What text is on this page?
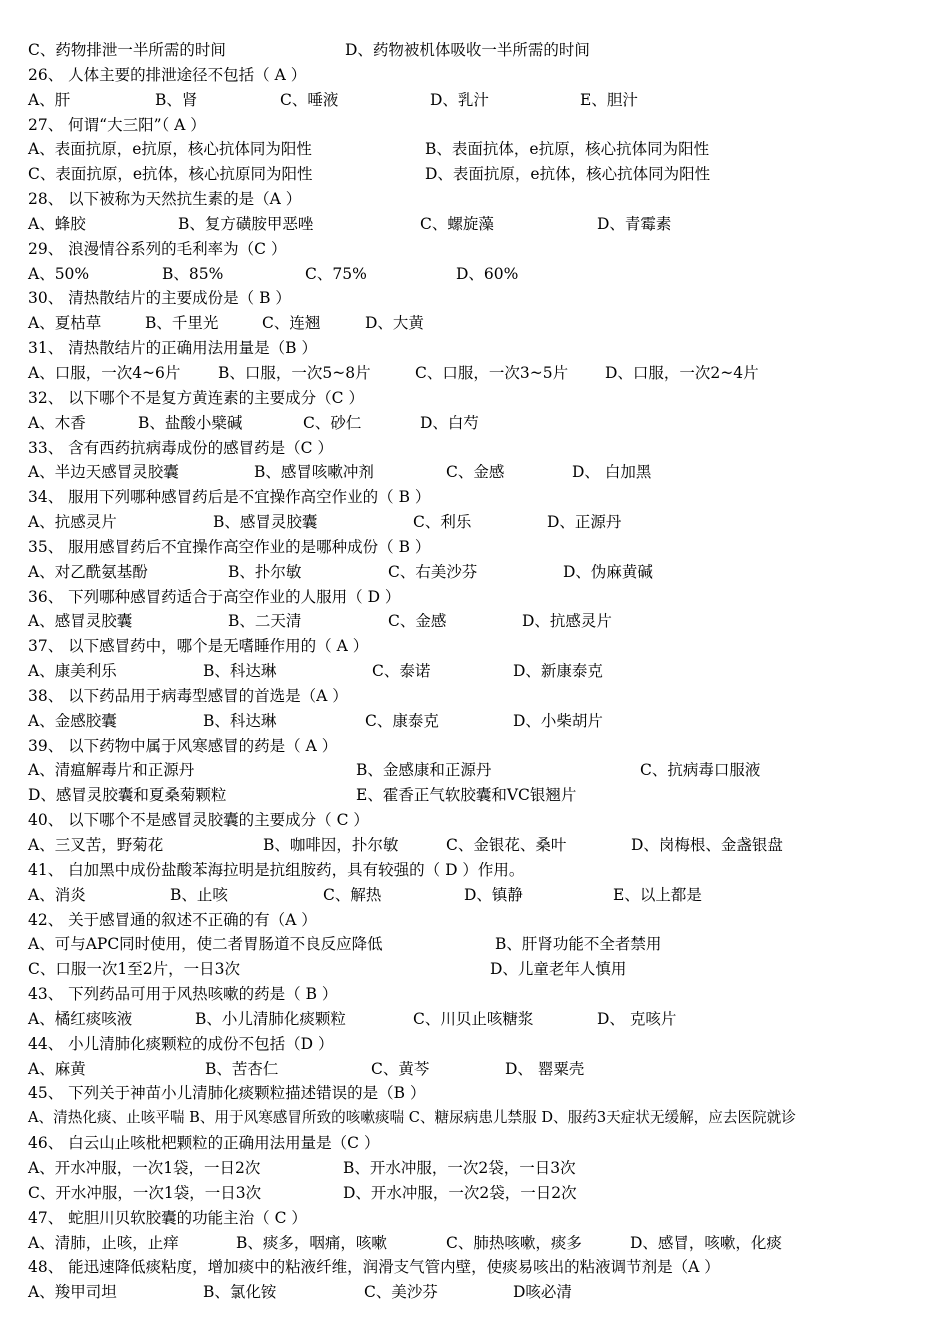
C、药物排泄一半所需的时间	D、药物被机体吸收一半所需的时间
26、 人体主要的排泄途径不包括（ A ）
A、肝	B、肾	C、唾液	D、乳汁	E、胆汁
27、 何谓“大三阳”（ A ）
A、表面抗原，e抗原，核心抗体同为阳性	B、表面抗体，e抗原，核心抗体同为阳性
C、表面抗原，e抗体，核心抗原同为阳性	D、表面抗原，e抗体，核心抗体同为阳性
28、 以下被称为天然抗生素的是（A ）
A、蜂胶	B、复方磺胺甲恶唑	C、螺旋藻	D、青霉素
29、 浪漫情谷系列的毛利率为（C ）
A、50%	B、85%	C、75%	D、60%
30、 清热散结片的主要成份是（ B ）
A、夏枯草	B、千里光	C、连翘	D、大黄
31、 清热散结片的正确用法用量是（B ）
A、口服，一次4~6片 B、口服，一次5~8片	C、口服，一次3~5片 D、口服，一次2~4片
32、 以下哪个不是复方黄连素的主要成分（C ）
A、木香	B、盐酸小檗碱	C、砂仁	D、白芍
33、 含有西药抗病毒成份的感冒药是（C ）
A、半边天感冒灵胶囊	B、感冒咳嗽冲剂	C、金感	D、 白加黑
34、 服用下列哪种感冒药后是不宜操作高空作业的（ B ）
A、抗感灵片	B、感冒灵胶囊	C、利乐	D、正源丹
35、 服用感冒药后不宜操作高空作业的是哪种成份（ B ）
A、对乙酰氨基酚	B、扑尔敏	C、右美沙芬	D、伪麻黄碱
36、 下列哪种感冒药适合于高空作业的人服用（ D ）
A、感冒灵胶囊	B、二天清	C、金感	D、抗感灵片
37、 以下感冒药中，哪个是无嗜睡作用的（ A ）
A、康美利乐	B、科达琳	C、泰诺	D、新康泰克
38、 以下药品用于病毒型感冒的首选是（A ）
A、金感胶囊	B、科达琳	C、康泰克	D、小柴胡片
39、 以下药物中属于风寒感冒的药是（ A ）
A、清瘟解毒片和正源丹	B、金感康和正源丹	C、抗病毒口服液
D、感冒灵胶囊和夏桑菊颗粒	E、霍香正气软胶囊和VC银翘片
40、 以下哪个不是感冒灵胶囊的主要成分（ C ）
A、三叉苦，野菊花	B、咖啡因，扑尔敏	C、金银花、桑叶	D、岗梅根、金盏银盘
41、 白加黑中成份盐酸苯海拉明是抗组胺药，具有较强的（ D ）作用。
A、消炎	B、止咳	C、解热	D、镇静	E、以上都是
42、 关于感冒通的叙述不正确的有（A ）
A、可与APC同时使用，使二者胃肠道不良反应降低	B、肝肾功能不全者禁用
C、口服一次1至2片，一日3次	D、儿童老年人慎用
43、 下列药品可用于风热咳嗽的药是（ B ）
A、橘红痰咳液	B、小儿清肺化痰颗粒	C、川贝止咳糖浆	D、 克咳片
44、 小儿清肺化痰颗粒的成份不包括（D ）
A、麻黄	B、苦杏仁	C、黄芩	D、 罂粟壳
45、 下列关于神苗小儿清肺化痰颗粒描述错误的是（B ）
A、清热化痰、止咳平喘 B、用于风寒感冒所致的咳嗽痰喘 C、糖尿病患儿禁服 D、服药3天症状无缓解，应去医院就诊
46、 白云山止咳枇杷颗粒的正确用法用量是（C ）
A、开水冲服，一次1袋，一日2次	B、开水冲服，一次2袋，一日3次
C、开水冲服，一次1袋，一日3次	D、开水冲服，一次2袋，一日2次
47、 蛇胆川贝软胶囊的功能主治（ C ）
A、清肺，止咳，止痒	B、痰多，咽痛，咳嗽	C、肺热咳嗽，痰多	D、感冒，咳嗽，化痰
48、 能迅速降低痰粘度，增加痰中的粘液纤维，润滑支气管内壁，使痰易咳出的粘液调节剂是（A ）
A、羧甲司坦	B、氯化铵	C、美沙芬	D咳必清
